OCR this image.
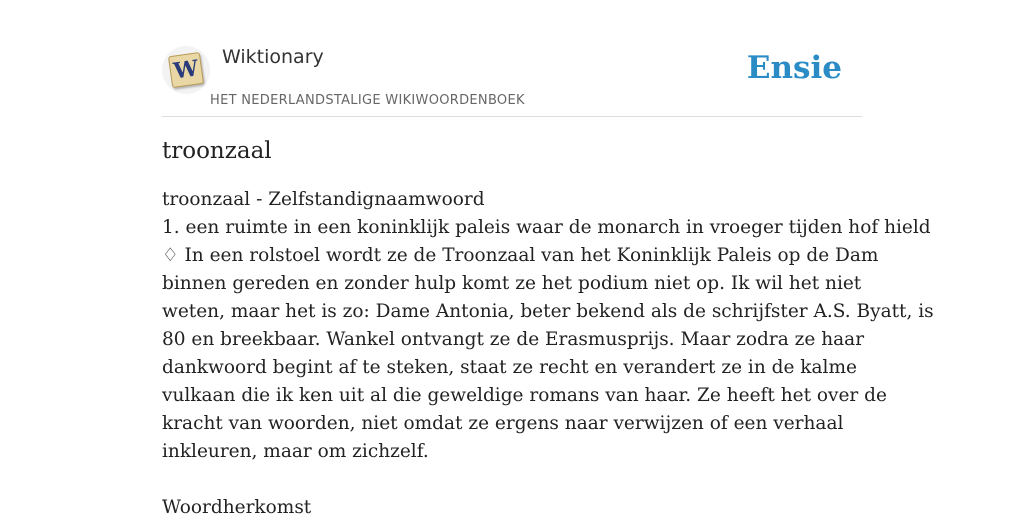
W Wiktionary
HET NEDERLANDSTALIGE WIKIWOORDENBOEK
Ensie
troonzaal
troonzaal - Zelfstandignaamwoord
1. een ruimte in een koninklijk paleis waar de monarch in vroeger tijden hof hield
♢ In een rolstoel wordt ze de Troonzaal van het Koninklijk Paleis op de Dam
binnen gereden en zonder hulp komt ze het podium niet op. Ik wil het niet
weten, maar het is zo: Dame Antonia, beter bekend als de schrijfster A.S. Byatt, is
80 en breekbaar. Wankel ontvangt ze de Erasmusprijs. Maar zodra ze haar
dankwoord begint af te steken, staat ze recht en verandert ze in de kalme
vulkaan die ik ken uit al die geweldige romans van haar. Ze heeft het over de
kracht van woorden, niet omdat ze ergens naar verwijzen of een verhaal
inkleuren, maar om zichzelf.
Woordherkomst
